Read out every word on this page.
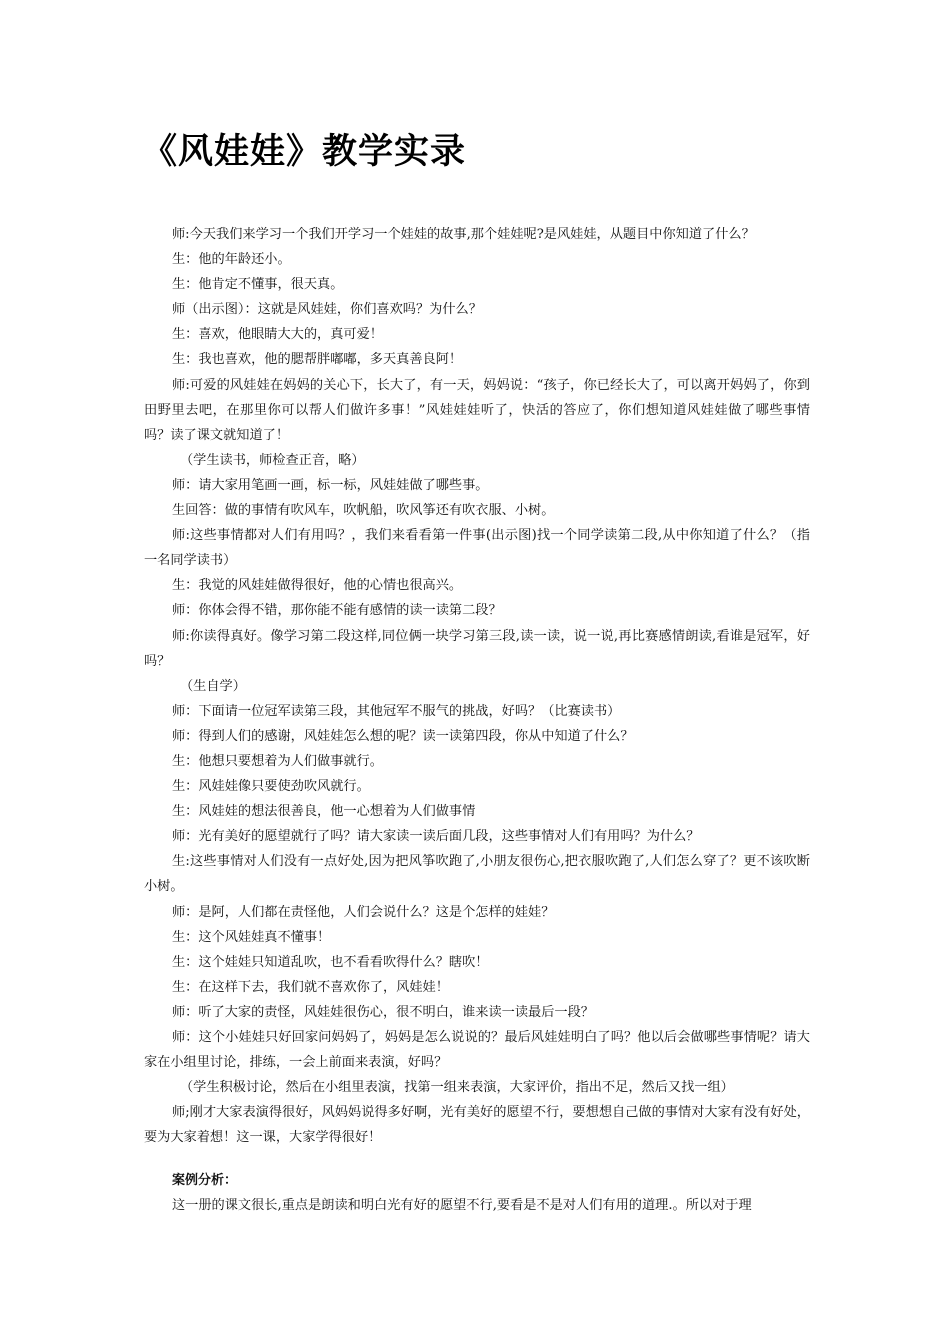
《风娃娃》教学实录

师:今天我们来学习一个我们开学习一个娃娃的故事,那个娃娃呢?是风娃娃，从题目中你知道了什么？

生：他的年龄还小。

生：他肯定不懂事，很天真。

师（出示图）：这就是风娃娃，你们喜欢吗？为什么？

生：喜欢，他眼睛大大的，真可爱！

生：我也喜欢，他的腮帮胖嘟嘟，多天真善良阿！

师:可爱的风娃娃在妈妈的关心下，长大了，有一天，妈妈说：“孩子，你已经长大了，可以离开妈妈了，你到田野里去吧，在那里你可以帮人们做许多事！”风娃娃娃听了，快活的答应了，你们想知道风娃娃做了哪些事情吗？读了课文就知道了！

（学生读书，师检查正音，略）

师：请大家用笔画一画，标一标，风娃娃做了哪些事。

生回答：做的事情有吹风车，吹帆船，吹风筝还有吹衣服、小树。

师:这些事情都对人们有用吗？，我们来看看第一件事(出示图)找一个同学读第二段,从中你知道了什么？（指一名同学读书）

生：我觉的风娃娃做得很好，他的心情也很高兴。

师：你体会得不错，那你能不能有感情的读一读第二段？

师:你读得真好。像学习第二段这样,同位俩一块学习第三段,读一读，说一说,再比赛感情朗读,看谁是冠军，好吗？

（生自学）

师：下面请一位冠军读第三段，其他冠军不服气的挑战，好吗？（比赛读书）

师：得到人们的感谢，风娃娃怎么想的呢？读一读第四段，你从中知道了什么？

生：他想只要想着为人们做事就行。

生：风娃娃像只要使劲吹风就行。

生：风娃娃的想法很善良，他一心想着为人们做事情

师：光有美好的愿望就行了吗？请大家读一读后面几段，这些事情对人们有用吗？为什么？

生:这些事情对人们没有一点好处,因为把风筝吹跑了,小朋友很伤心,把衣服吹跑了,人们怎么穿了？更不该吹断小树。

师：是阿，人们都在责怪他，人们会说什么？这是个怎样的娃娃？

生：这个风娃娃真不懂事！

生：这个娃娃只知道乱吹，也不看看吹得什么？瞎吹！

生：在这样下去，我们就不喜欢你了，风娃娃！

师：听了大家的责怪，风娃娃很伤心，很不明白，谁来读一读最后一段？

师：这个小娃娃只好回家问妈妈了，妈妈是怎么说说的？最后风娃娃明白了吗？他以后会做哪些事情呢？请大家在小组里讨论，排练，一会上前面来表演，好吗？

（学生积极讨论，然后在小组里表演，找第一组来表演，大家评价，指出不足，然后又找一组）

师;刚才大家表演得很好，风妈妈说得多好啊，光有美好的愿望不行，要想想自己做的事情对大家有没有好处，要为大家着想！这一课，大家学得很好！

案例分析：

这一册的课文很长,重点是朗读和明白光有好的愿望不行,要看是不是对人们有用的道理.。所以对于理
